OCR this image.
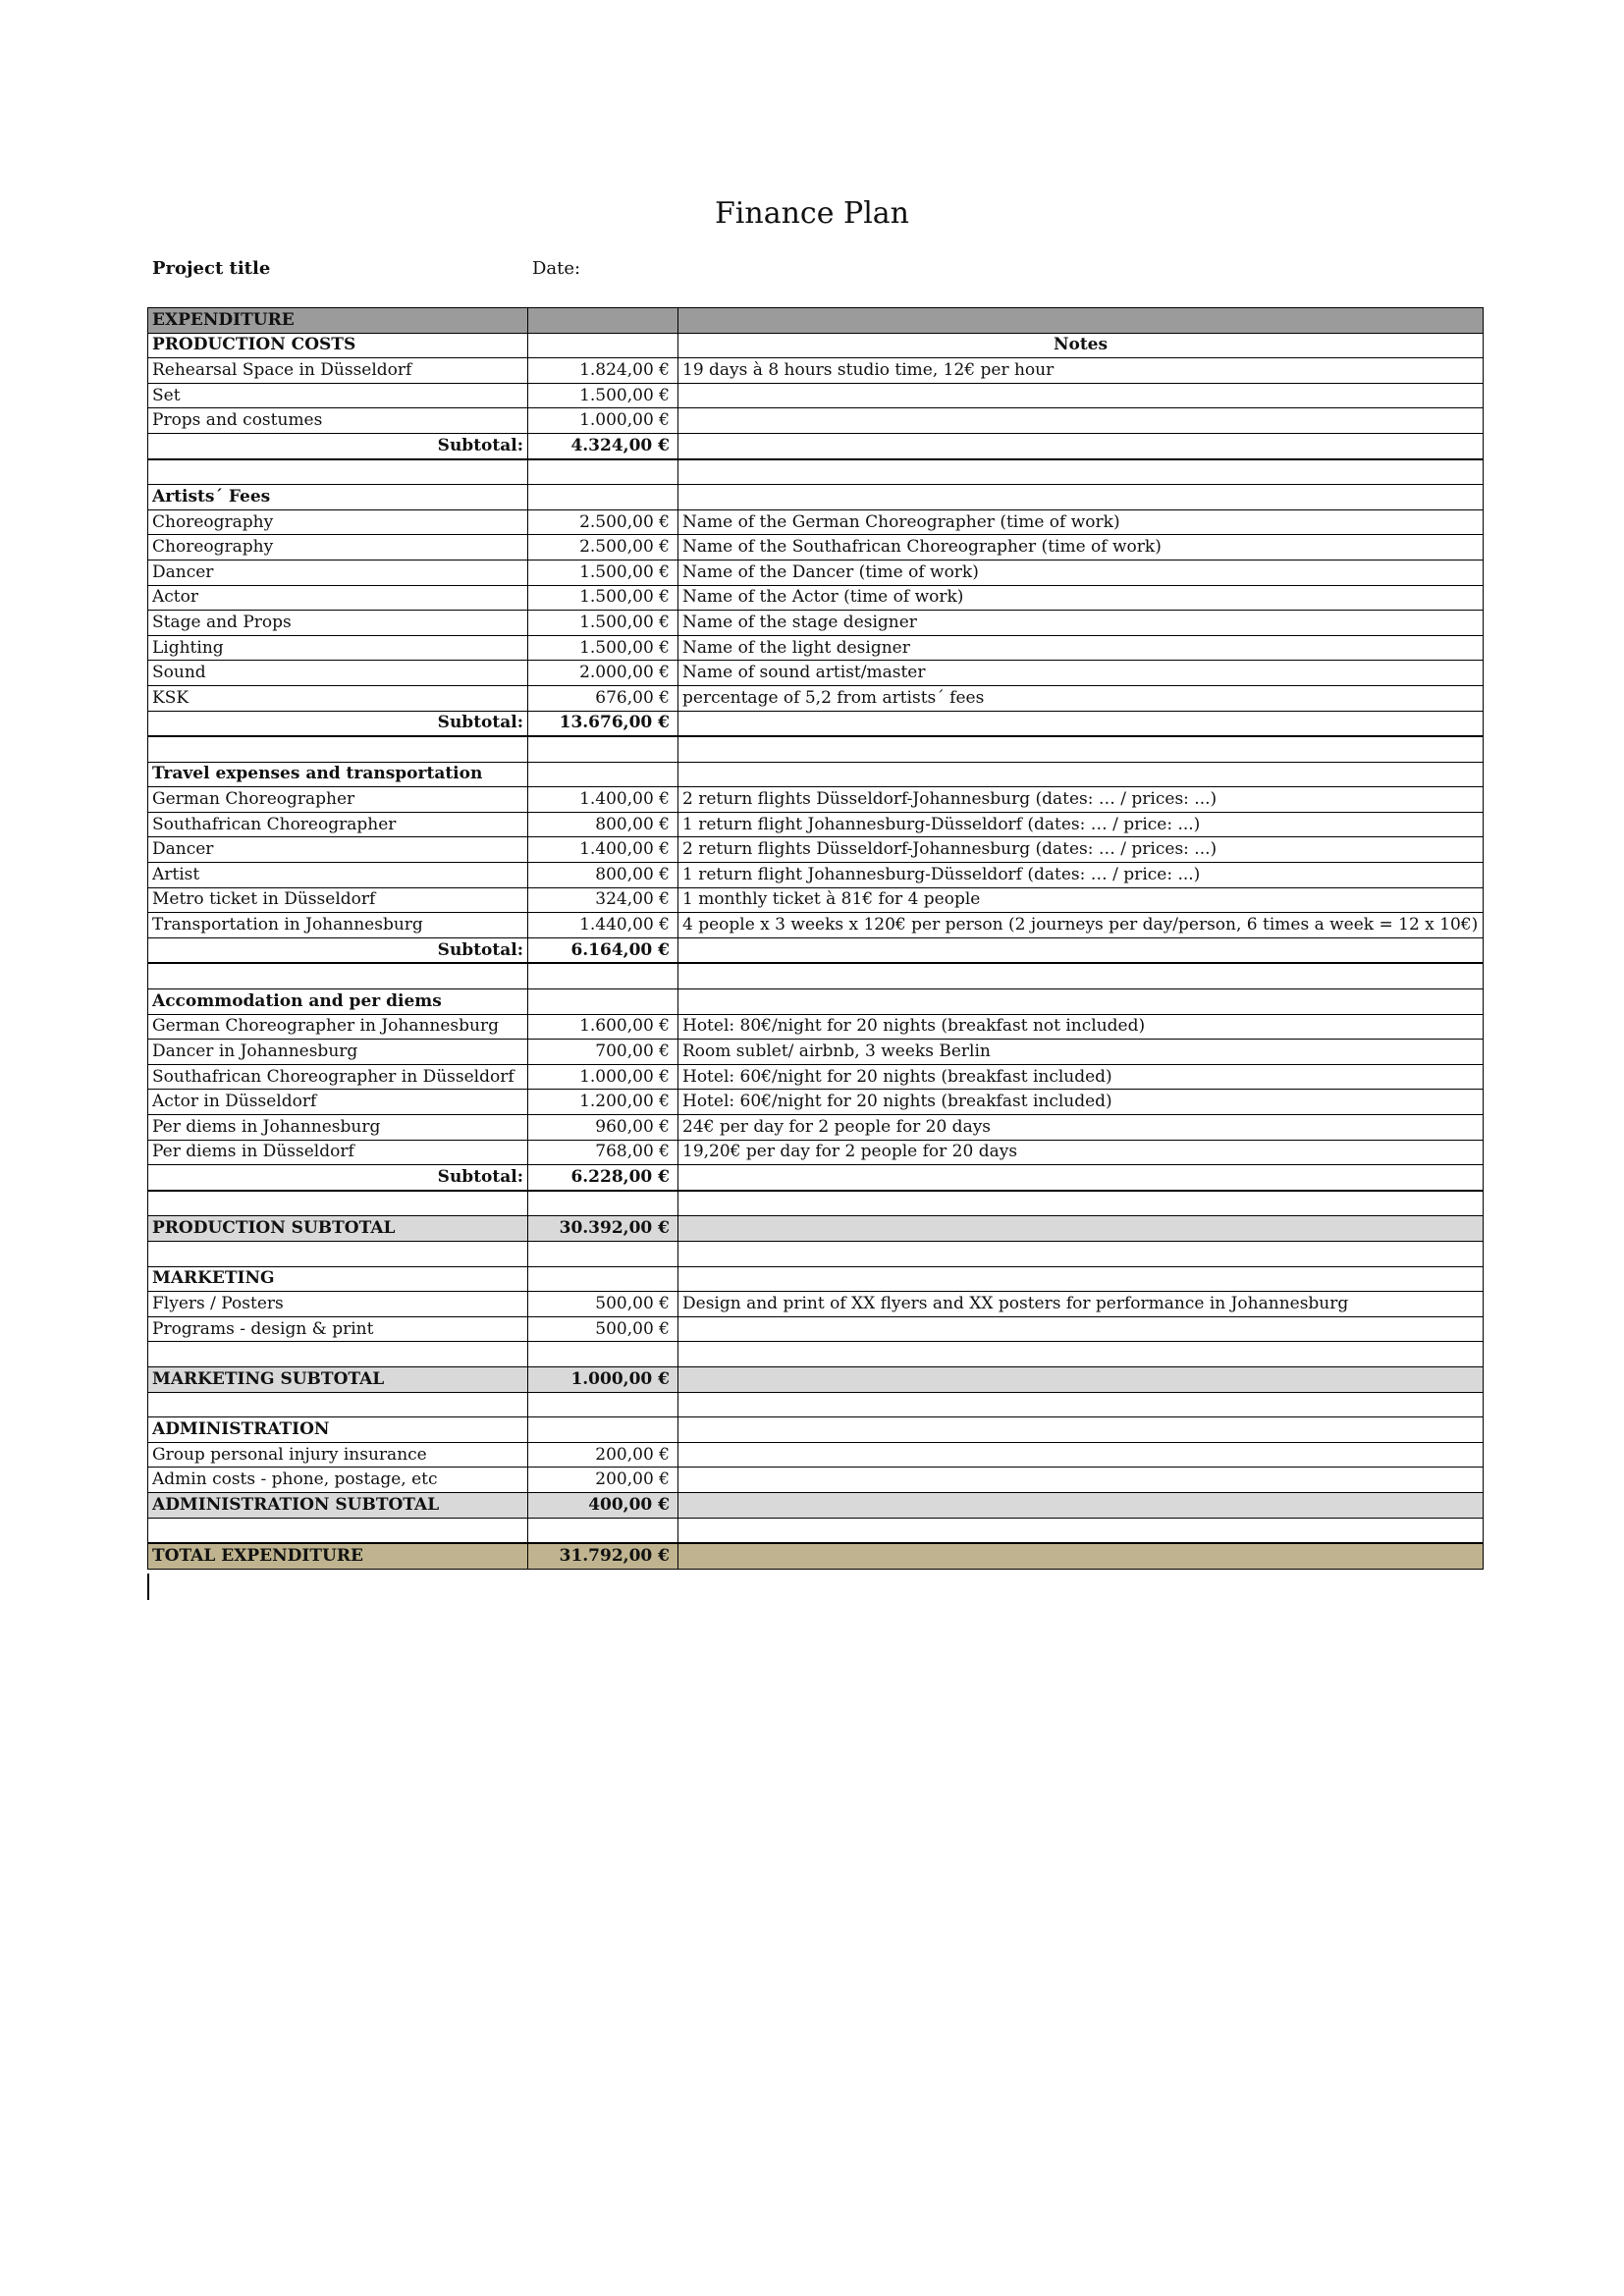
Finance Plan
Project title	Date:
EXPENDITURE		
PRODUCTION COSTS		Notes
Rehearsal Space in Düsseldorf	1.824,00 €	19 days à 8 hours studio time, 12€ per hour
Set	1.500,00 €	
Props and costumes	1.000,00 €	
Subtotal:	4.324,00 €	

Artists´ Fees		
Choreography	2.500,00 €	Name of the German Choreographer (time of work)
Choreography	2.500,00 €	Name of the Southafrican Choreographer (time of work)
Dancer	1.500,00 €	Name of the Dancer (time of work)
Actor	1.500,00 €	Name of the Actor (time of work)
Stage and Props	1.500,00 €	Name of the stage designer
Lighting	1.500,00 €	Name of the light designer
Sound	2.000,00 €	Name of sound artist/master
KSK	676,00 €	percentage of 5,2 from artists´ fees
Subtotal:	13.676,00 €	

Travel expenses and transportation		
German Choreographer	1.400,00 €	2 return flights Düsseldorf-Johannesburg (dates: … / prices: ...)
Southafrican Choreographer	800,00 €	1 return flight Johannesburg-Düsseldorf (dates: … / price: ...)
Dancer	1.400,00 €	2 return flights Düsseldorf-Johannesburg (dates: … / prices: ...)
Artist	800,00 €	1 return flight Johannesburg-Düsseldorf (dates: … / price: ...)
Metro ticket in Düsseldorf	324,00 €	1 monthly ticket à 81€ for 4 people
Transportation in Johannesburg	1.440,00 €	4 people x 3 weeks x 120€ per person (2 journeys per day/person, 6 times a week = 12 x 10€)
Subtotal:	6.164,00 €	

Accommodation and per diems		
German Choreographer in Johannesburg	1.600,00 €	Hotel: 80€/night for 20 nights (breakfast not included)
Dancer in Johannesburg	700,00 €	Room sublet/ airbnb, 3 weeks Berlin
Southafrican Choreographer in Düsseldorf	1.000,00 €	Hotel: 60€/night for 20 nights (breakfast included)
Actor in Düsseldorf	1.200,00 €	Hotel: 60€/night for 20 nights (breakfast included)
Per diems in Johannesburg	960,00 €	24€ per day for 2 people for 20 days
Per diems in Düsseldorf	768,00 €	19,20€ per day for 2 people for 20 days
Subtotal:	6.228,00 €	

PRODUCTION SUBTOTAL	30.392,00 €	

MARKETING		
Flyers / Posters	500,00 €	Design and print of XX flyers and XX posters for performance in Johannesburg
Programs - design & print	500,00 €	

MARKETING SUBTOTAL	1.000,00 €	

ADMINISTRATION		
Group personal injury insurance	200,00 €	
Admin costs - phone, postage, etc	200,00 €	
ADMINISTRATION SUBTOTAL	400,00 €	

TOTAL EXPENDITURE	31.792,00 €	
